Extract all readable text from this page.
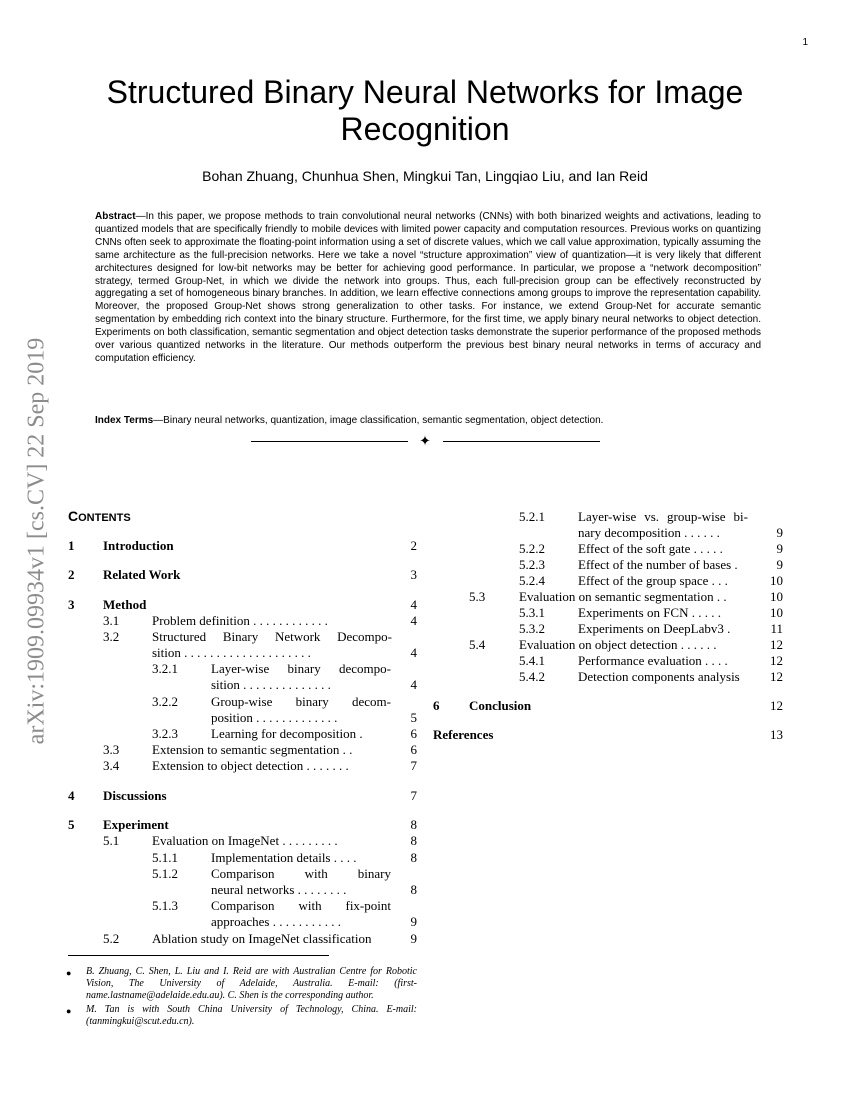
1
arXiv:1909.09934v1 [cs.CV] 22 Sep 2019
Structured Binary Neural Networks for Image
Recognition
Bohan Zhuang, Chunhua Shen, Mingkui Tan, Lingqiao Liu, and Ian Reid
Abstract—In this paper, we propose methods to train convolutional neural networks (CNNs) with both binarized weights and activations, leading to quantized models that are specifically friendly to mobile devices with limited power capacity and computation resources. Previous works on quantizing CNNs often seek to approximate the floating-point information using a set of discrete values, which we call value approximation, typically assuming the same architecture as the full-precision networks. Here we take a novel “structure approximation” view of quantization—it is very likely that different architectures designed for low-bit networks may be better for achieving good performance. In particular, we propose a “network decomposition” strategy, termed Group-Net, in which we divide the network into groups. Thus, each full-precision group can be effectively reconstructed by aggregating a set of homogeneous binary branches. In addition, we learn effective connections among groups to improve the representation capability. Moreover, the proposed Group-Net shows strong generalization to other tasks. For instance, we extend Group-Net for accurate semantic segmentation by embedding rich context into the binary structure. Furthermore, for the first time, we apply binary neural networks to object detection. Experiments on both classification, semantic segmentation and object detection tasks demonstrate the superior performance of the proposed methods over various quantized networks in the literature. Our methods outperform the previous best binary neural networks in terms of accuracy and computation efficiency.
Index Terms—Binary neural networks, quantization, image classification, semantic segmentation, object detection.
✦
CONTENTS
1 Introduction	2
2 Related Work	3
3 Method	4
3.1	Problem definition . . . . . . . . . . . .	4
3.2	Structured Binary Network Decompo-
sition . . . . . . . . . . . . . . . . . . . .	4
3.2.1	Layer-wise binary decompo-
sition . . . . . . . . . . . . . .	4
3.2.2	Group-wise binary decom-
position . . . . . . . . . . . . .	5
3.2.3	Learning for decomposition .	6
3.3	Extension to semantic segmentation . .	6
3.4	Extension to object detection . . . . . . .	7
4 Discussions	7
5 Experiment	8
5.1	Evaluation on ImageNet . . . . . . . . .	8
5.1.1	Implementation details . . . .	8
5.1.2	Comparison with binary
neural networks . . . . . . . .	8
5.1.3	Comparison with fix-point
approaches . . . . . . . . . . .	9
5.2	Ablation study on ImageNet classification	9
5.2.1	Layer-wise vs. group-wise bi-
nary decomposition . . . . . .	9
5.2.2	Effect of the soft gate . . . . .	9
5.2.3	Effect of the number of bases .	9
5.2.4	Effect of the group space . . .	10
5.3	Evaluation on semantic segmentation . .	10
5.3.1	Experiments on FCN . . . . .	10
5.3.2	Experiments on DeepLabv3 .	11
5.4	Evaluation on object detection . . . . . .	12
5.4.1	Performance evaluation . . . .	12
5.4.2	Detection components analysis 12
6 Conclusion	12
References	13
● B. Zhuang, C. Shen, L. Liu and I. Reid are with Australian Centre for Robotic Vision, The University of Adelaide, Australia. E-mail: (first-name.lastname@adelaide.edu.au). C. Shen is the corresponding author.
● M. Tan is with South China University of Technology, China. E-mail: (tanmingkui@scut.edu.cn).
